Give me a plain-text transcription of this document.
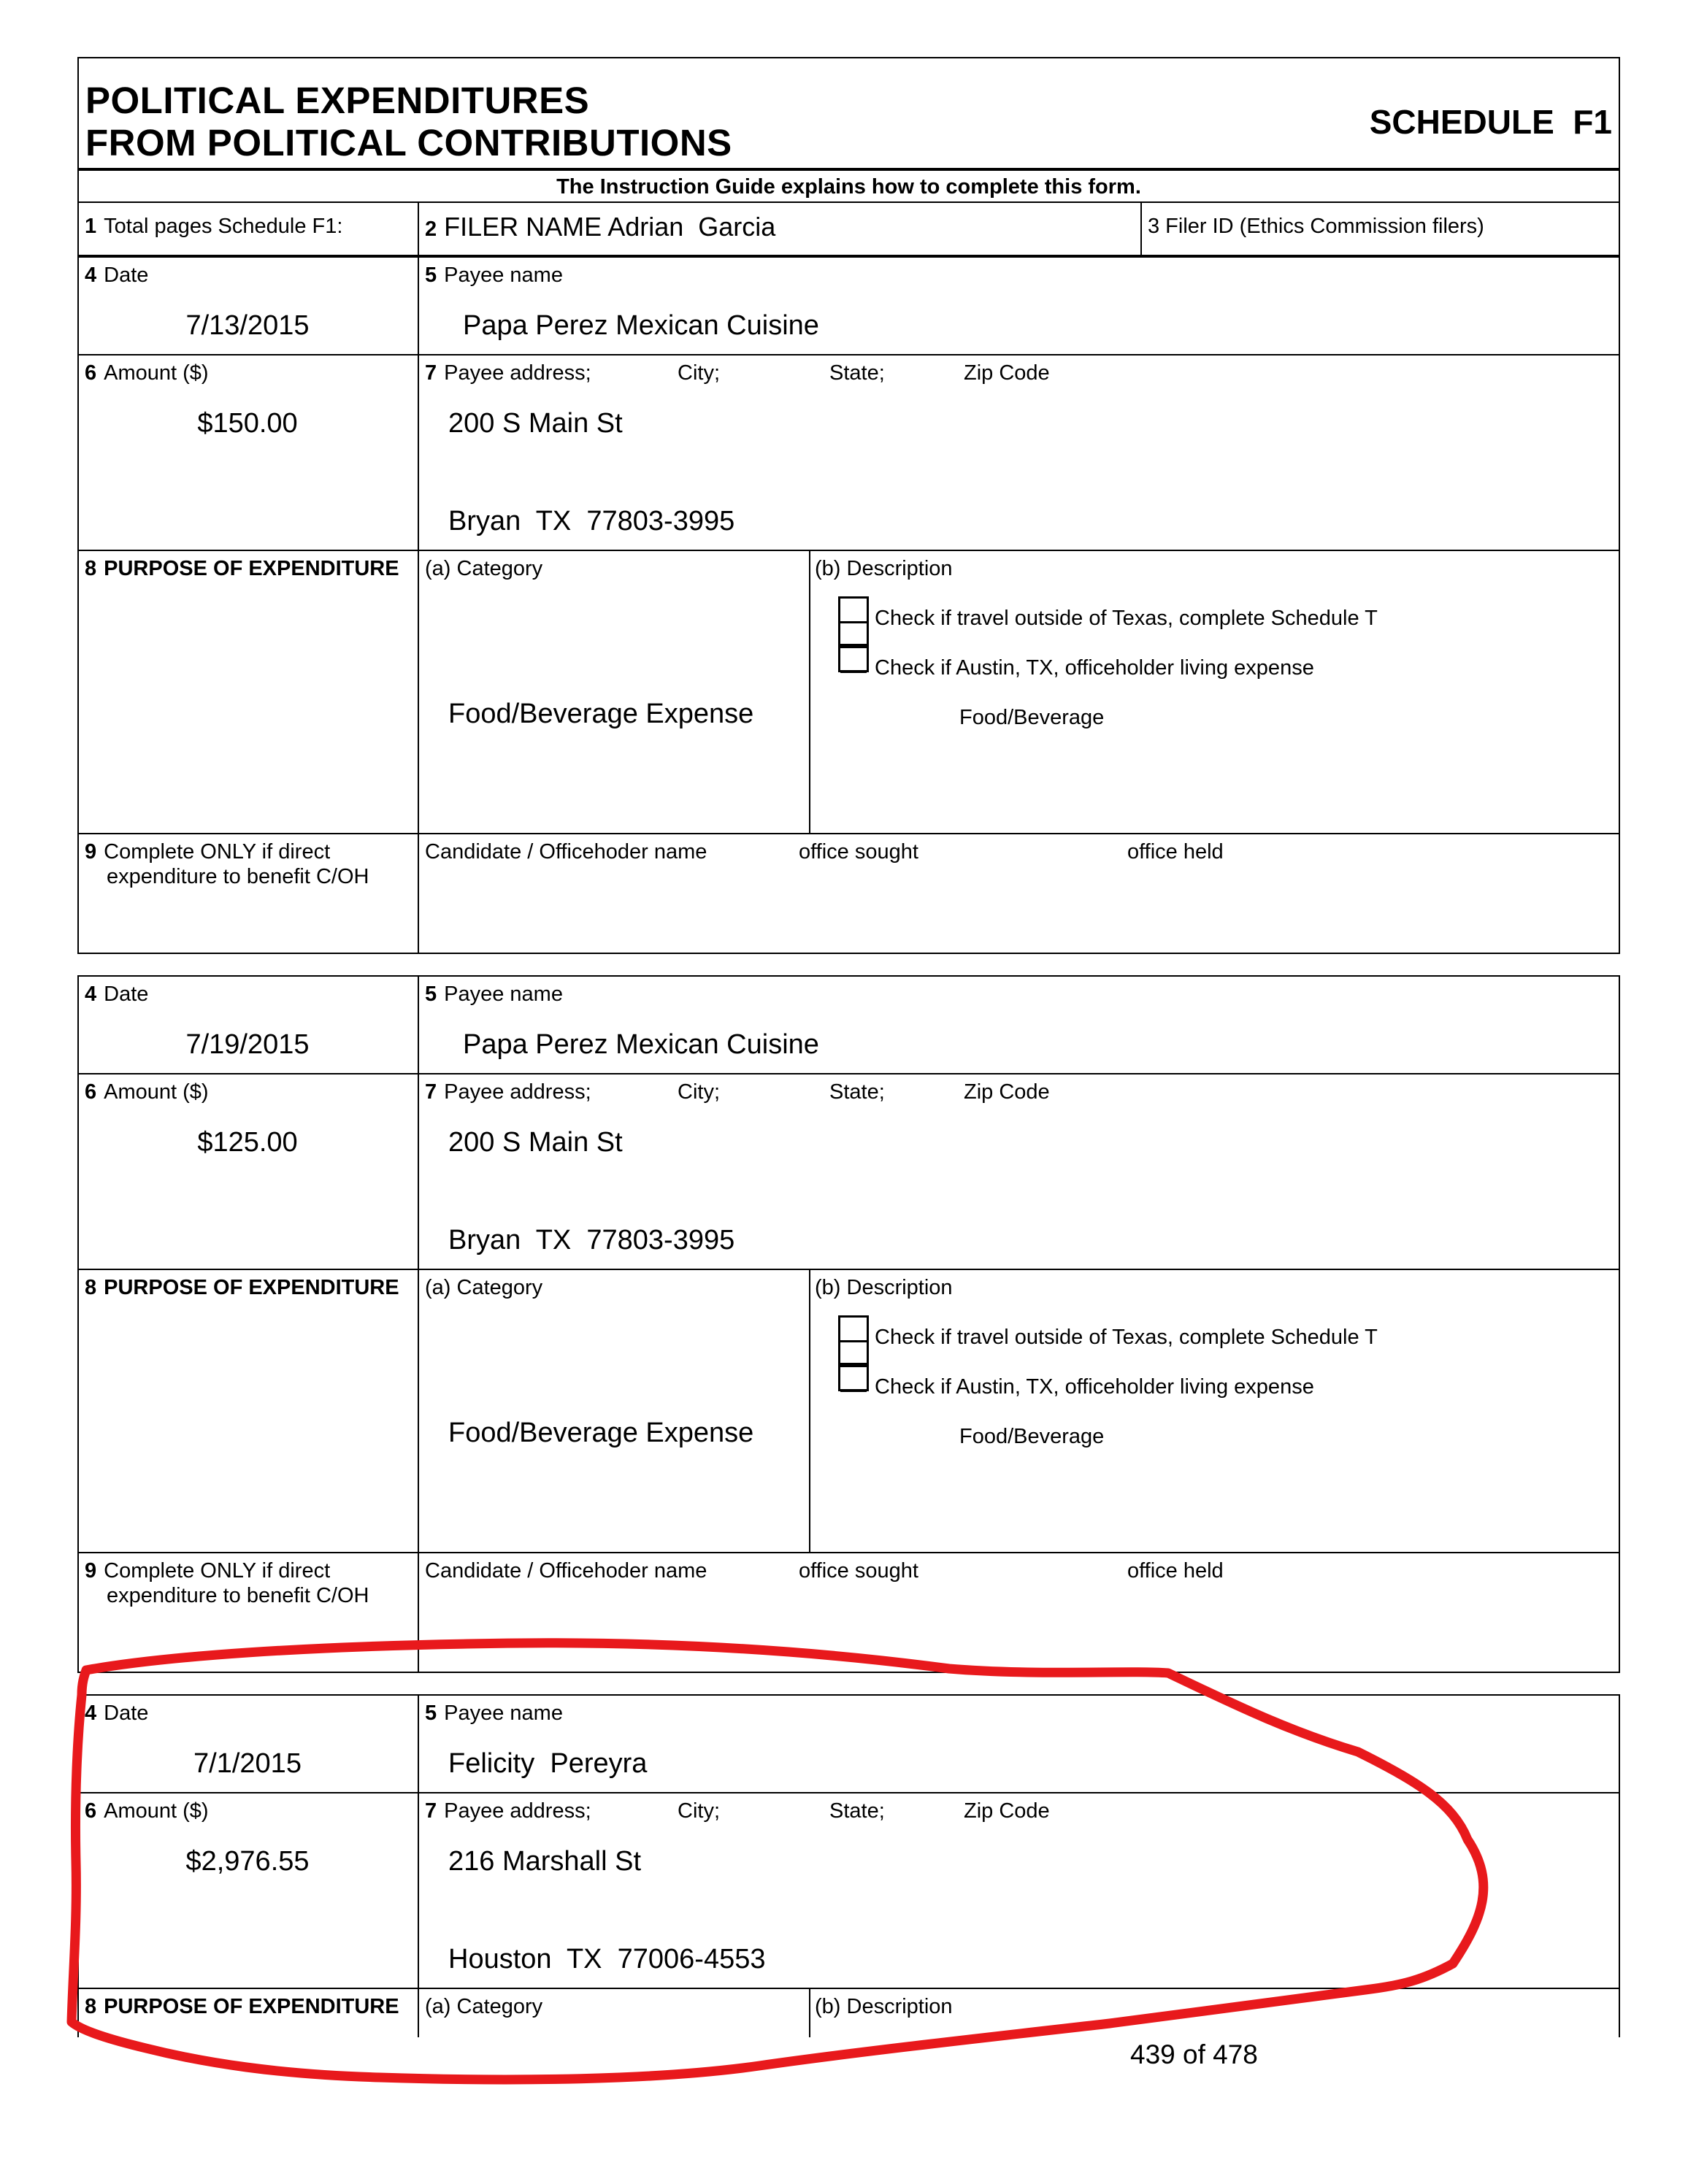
POLITICAL EXPENDITURES
FROM POLITICAL CONTRIBUTIONS	SCHEDULE  F1
The Instruction Guide explains how to complete this form.
1 Total pages Schedule F1:	2 FILER NAME Adrian  Garcia	3 Filer ID (Ethics Commission filers)
4 Date
7/13/2015
5 Payee name
Papa Perez Mexican Cuisine
6 Amount ($)
$150.00
7 Payee address;	City;	State;	Zip Code
200 S Main St
Bryan  TX  77803-3995
8 PURPOSE OF EXPENDITURE (a) Category	(b) Description
Food/Beverage Expense
Check if travel outside of Texas, complete Schedule T
Check if Austin, TX, officeholder living expense
Food/Beverage
9 Complete ONLY if direct
expenditure to benefit C/OH
Candidate / Officehoder name	office sought	office held
4 Date
7/19/2015
5 Payee name
Papa Perez Mexican Cuisine
6 Amount ($)
$125.00
7 Payee address;	City;	State;	Zip Code
200 S Main St
Bryan  TX  77803-3995
8 PURPOSE OF EXPENDITURE (a) Category	(b) Description
Food/Beverage Expense
Check if travel outside of Texas, complete Schedule T
Check if Austin, TX, officeholder living expense
Food/Beverage
9 Complete ONLY if direct
expenditure to benefit C/OH
Candidate / Officehoder name	office sought	office held
4 Date
7/1/2015
5 Payee name
Felicity  Pereyra
6 Amount ($)
$2,976.55
7 Payee address;	City;	State;	Zip Code
216 Marshall St
Houston  TX  77006-4553
8 PURPOSE OF EXPENDITURE (a) Category	(b) Description
439 of 478
